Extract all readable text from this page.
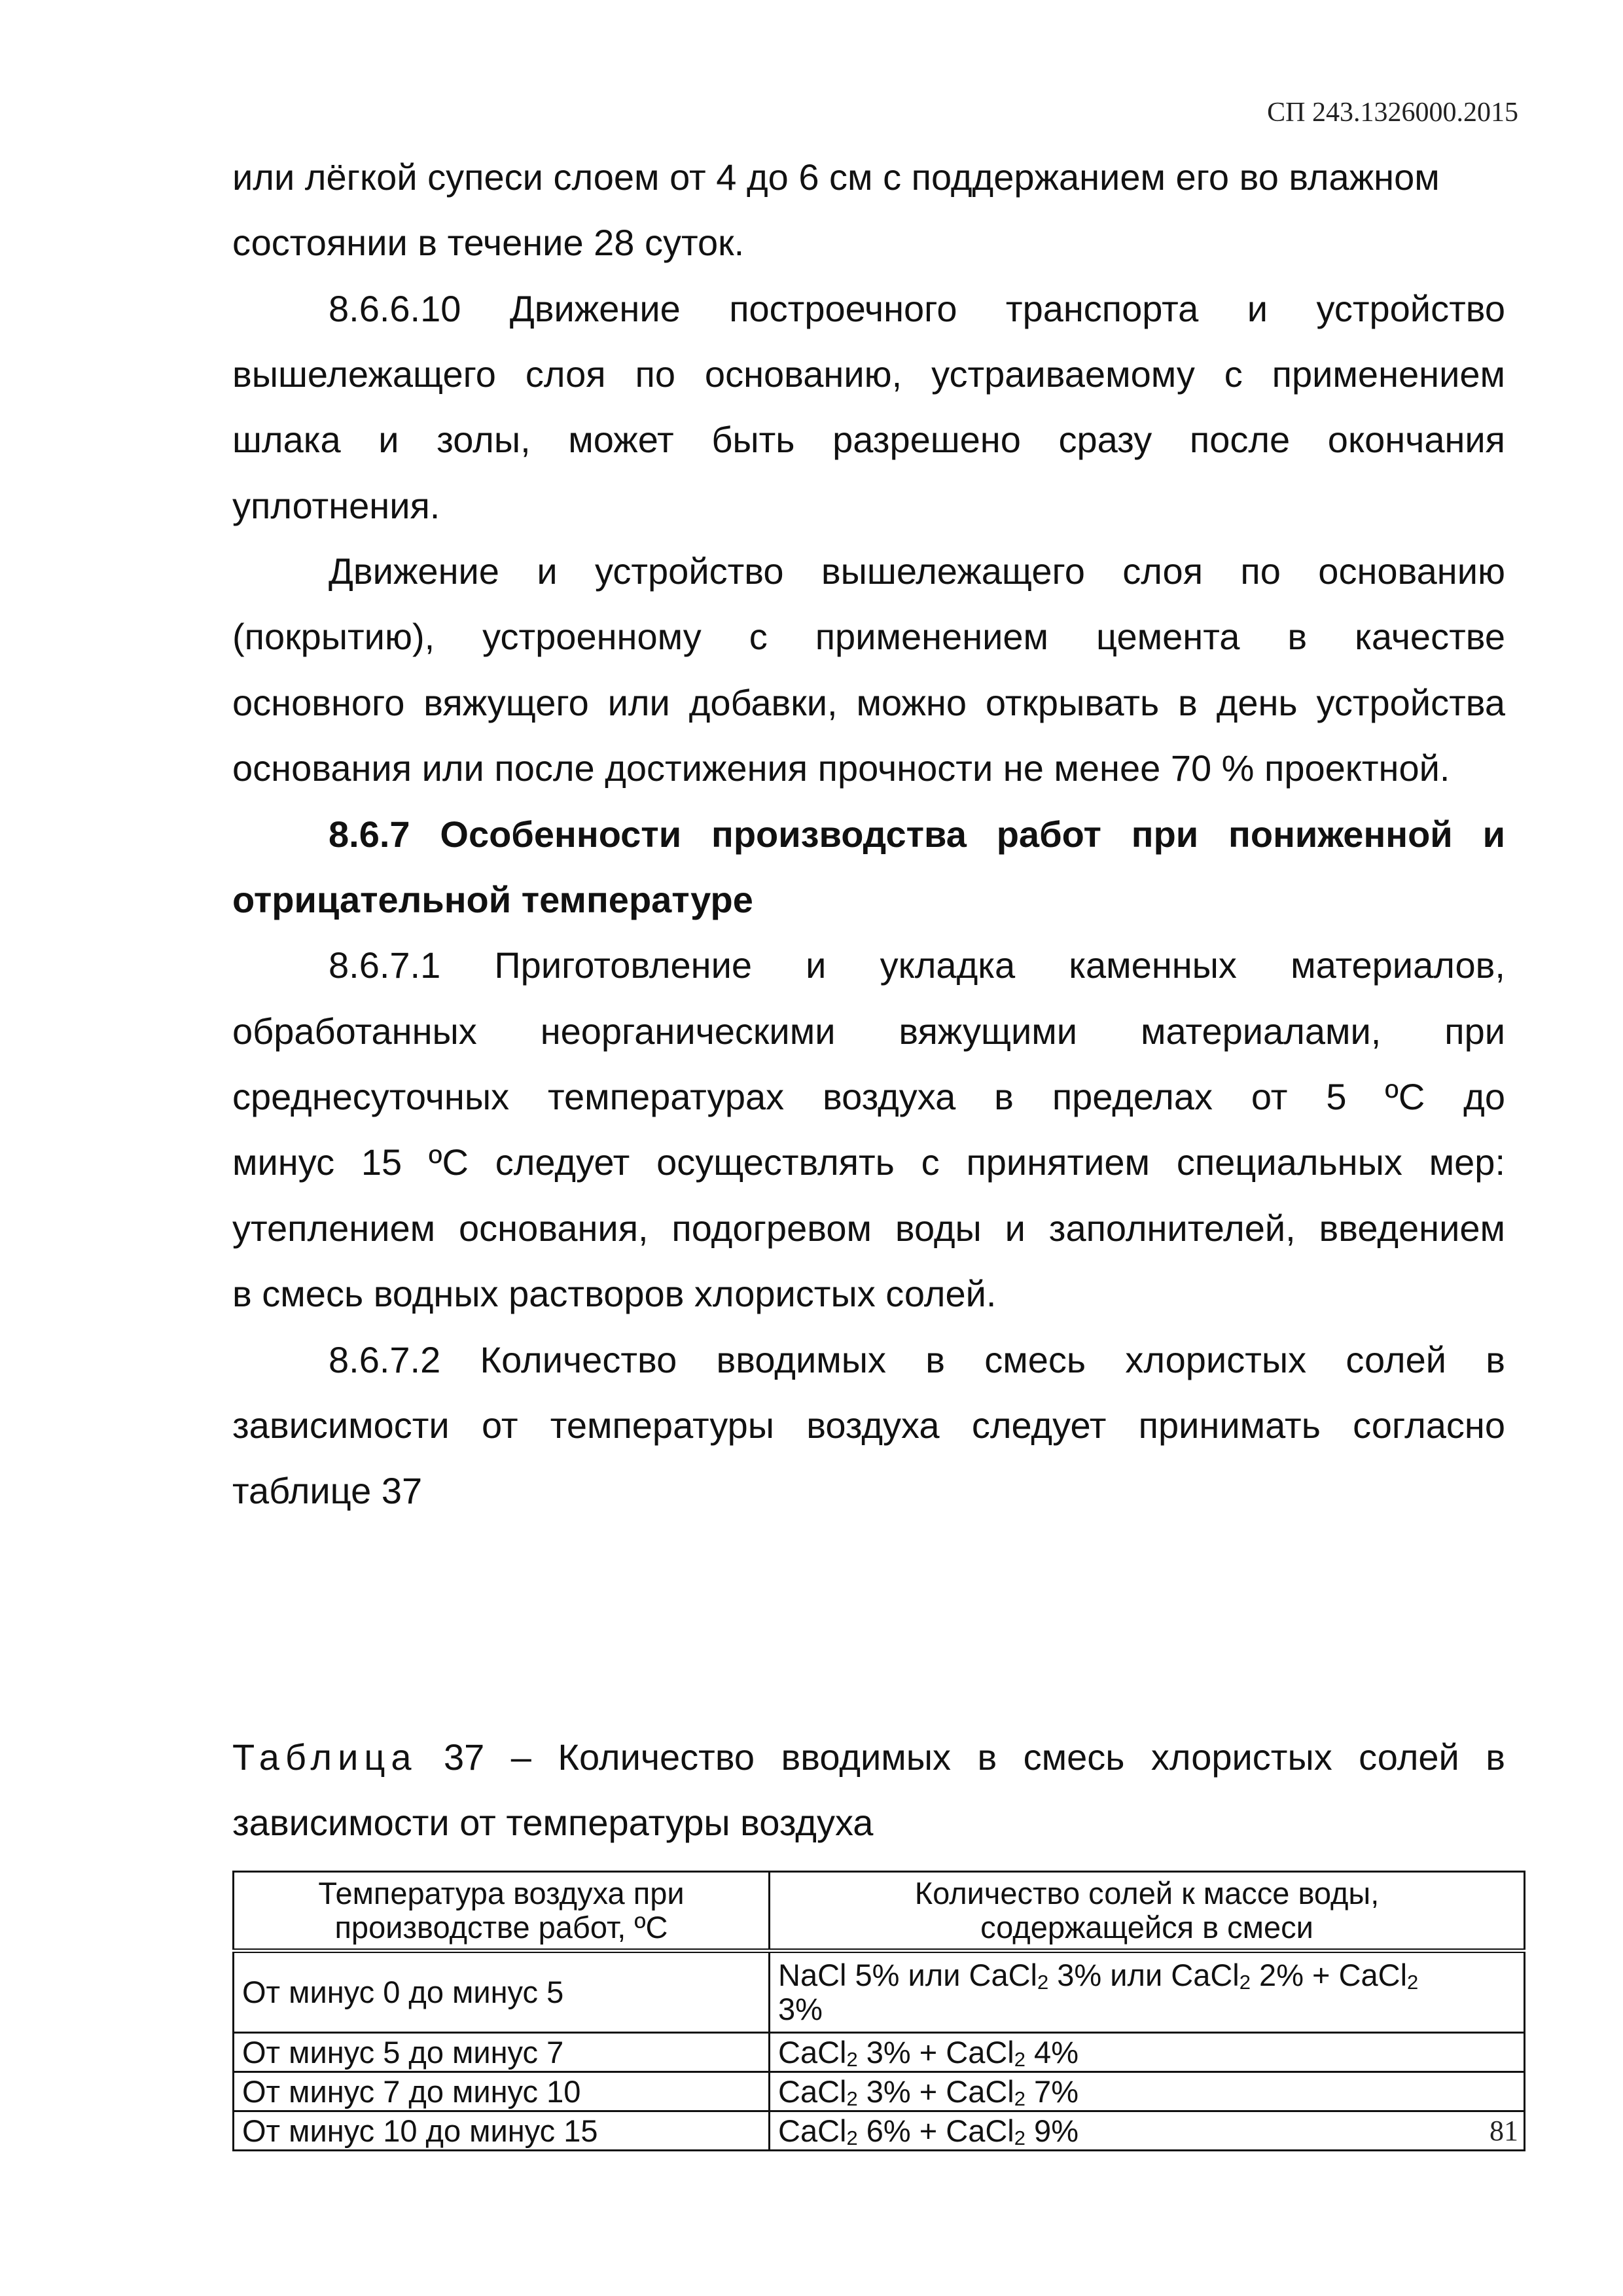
СП 243.1326000.2015
или лёгкой супеси слоем от 4 до 6 см с поддержанием его во влажном
состоянии в течение 28 суток.
8.6.6.10 Движение построечного транспорта и устройство
вышележащего слоя по основанию, устраиваемому с применением
шлака и золы, может быть разрешено сразу после окончания
уплотнения.
Движение и устройство вышележащего слоя по основанию
(покрытию), устроенному с применением цемента в качестве
основного вяжущего или добавки, можно открывать в день устройства
основания или после достижения прочности не менее 70 % проектной.
8.6.7 Особенности производства работ при пониженной и
отрицательной температуре
8.6.7.1 Приготовление и укладка каменных материалов,
обработанных неорганическими вяжущими материалами, при
среднесуточных температурах воздуха в пределах от 5 ºС до
минус 15 ºС следует осуществлять с принятием специальных мер:
утеплением основания, подогревом воды и заполнителей, введением
в смесь водных растворов хлористых солей.
8.6.7.2 Количество вводимых в смесь хлористых солей в
зависимости от температуры воздуха следует принимать согласно
таблице 37
Таблица 37 – Количество вводимых в смесь хлористых солей в
зависимости от температуры воздуха
Температура воздуха при
производстве работ, ºС	Количество солей к массе воды,
содержащейся в смеси
От минус 0 до минус 5	NaCl 5% или CaCl$_2$ 3% или CaCl$_2$ 2% + CaCl$_2$
3%
От минус 5 до минус 7	CaCl$_2$ 3% + CaCl$_2$ 4%
От минус 7 до минус 10	CaCl$_2$ 3% + CaCl$_2$ 7%
От минус 10 до минус 15	CaCl$_2$ 6% + CaCl$_2$ 9%	81
